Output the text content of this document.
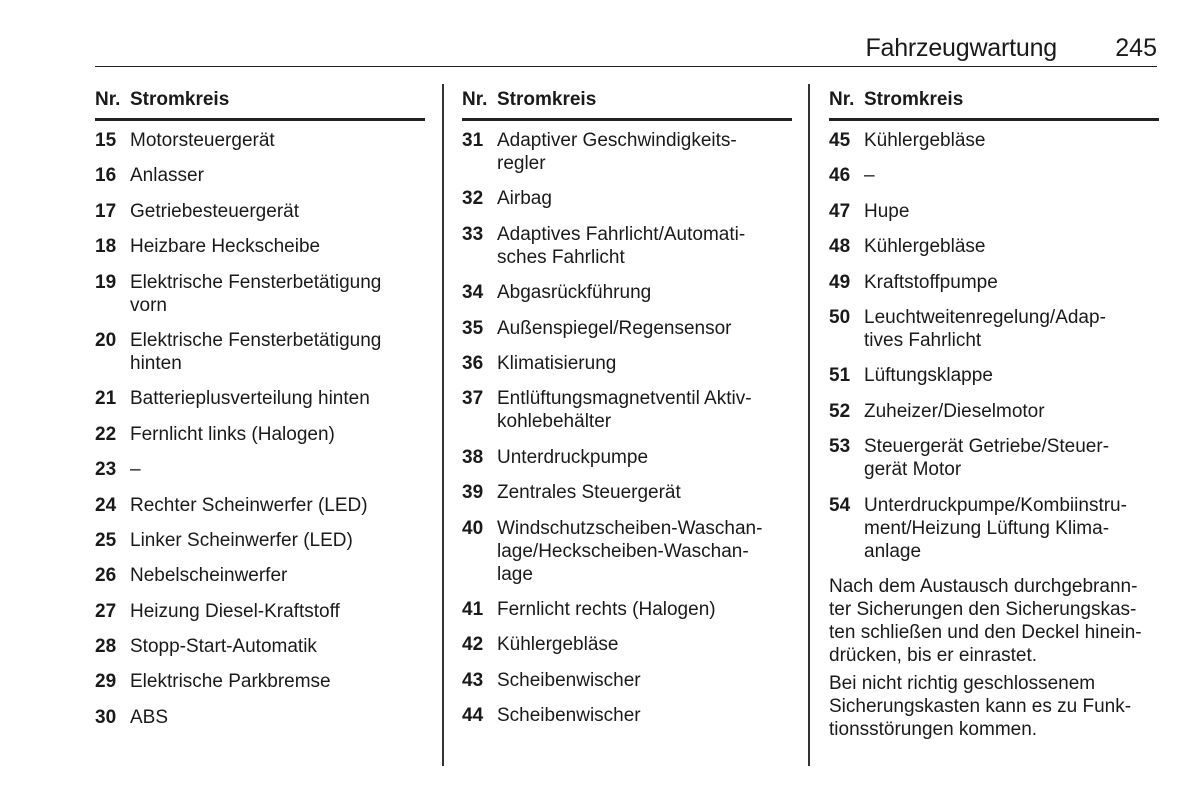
Fahrzeugwartung 245
Nr. Stromkreis
15 Motorsteuergerät
16 Anlasser
17 Getriebesteuergerät
18 Heizbare Heckscheibe
19 Elektrische Fensterbetätigung
vorn
20 Elektrische Fensterbetätigung
hinten
21 Batterieplusverteilung hinten
22 Fernlicht links (Halogen)
23 –
24 Rechter Scheinwerfer (LED)
25 Linker Scheinwerfer (LED)
26 Nebelscheinwerfer
27 Heizung Diesel-Kraftstoff
28 Stopp-Start-Automatik
29 Elektrische Parkbremse
30 ABS
Nr. Stromkreis
31 Adaptiver Geschwindigkeits-
regler
32 Airbag
33 Adaptives Fahrlicht/Automati-
sches Fahrlicht
34 Abgasrückführung
35 Außenspiegel/Regensensor
36 Klimatisierung
37 Entlüftungsmagnetventil Aktiv-
kohlebehälter
38 Unterdruckpumpe
39 Zentrales Steuergerät
40 Windschutzscheiben-Waschan-
lage/Heckscheiben-Waschan-
lage
41 Fernlicht rechts (Halogen)
42 Kühlergebläse
43 Scheibenwischer
44 Scheibenwischer
Nr. Stromkreis
45 Kühlergebläse
46 –
47 Hupe
48 Kühlergebläse
49 Kraftstoffpumpe
50 Leuchtweitenregelung/Adap-
tives Fahrlicht
51 Lüftungsklappe
52 Zuheizer/Dieselmotor
53 Steuergerät Getriebe/Steuer-
gerät Motor
54 Unterdruckpumpe/Kombiinstru-
ment/Heizung Lüftung Klima-
anlage

Nach dem Austausch durchgebrann-
ter Sicherungen den Sicherungskas-
ten schließen und den Deckel hinein-
drücken, bis er einrastet.

Bei nicht richtig geschlossenem
Sicherungskasten kann es zu Funk-
tionsstörungen kommen.
